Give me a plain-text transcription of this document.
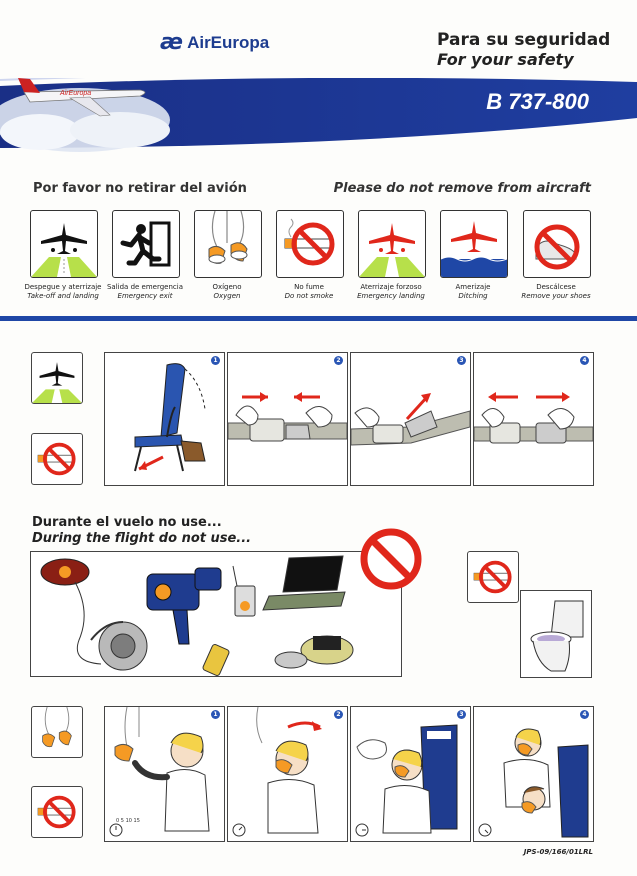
AirEuropa
æ AirEuropa	Para su seguridad
For your safety
B 737-800
Por favor no retirar del avión	Please do not remove from aircraft
Despegue y aterrizaje
Take-off and landing
Salida de emergencia
Emergency exit
Oxígeno
Oxygen
No fume
Do not smoke
Aterrizaje forzoso
Emergency landing
Amerizaje
Ditching
Descálcese
Remove your shoes
1	2	3	4
Durante el vuelo no use...
During the flight do not use...
1	2	3	4
0 5 10 15
JPS-09/166/01LRL
